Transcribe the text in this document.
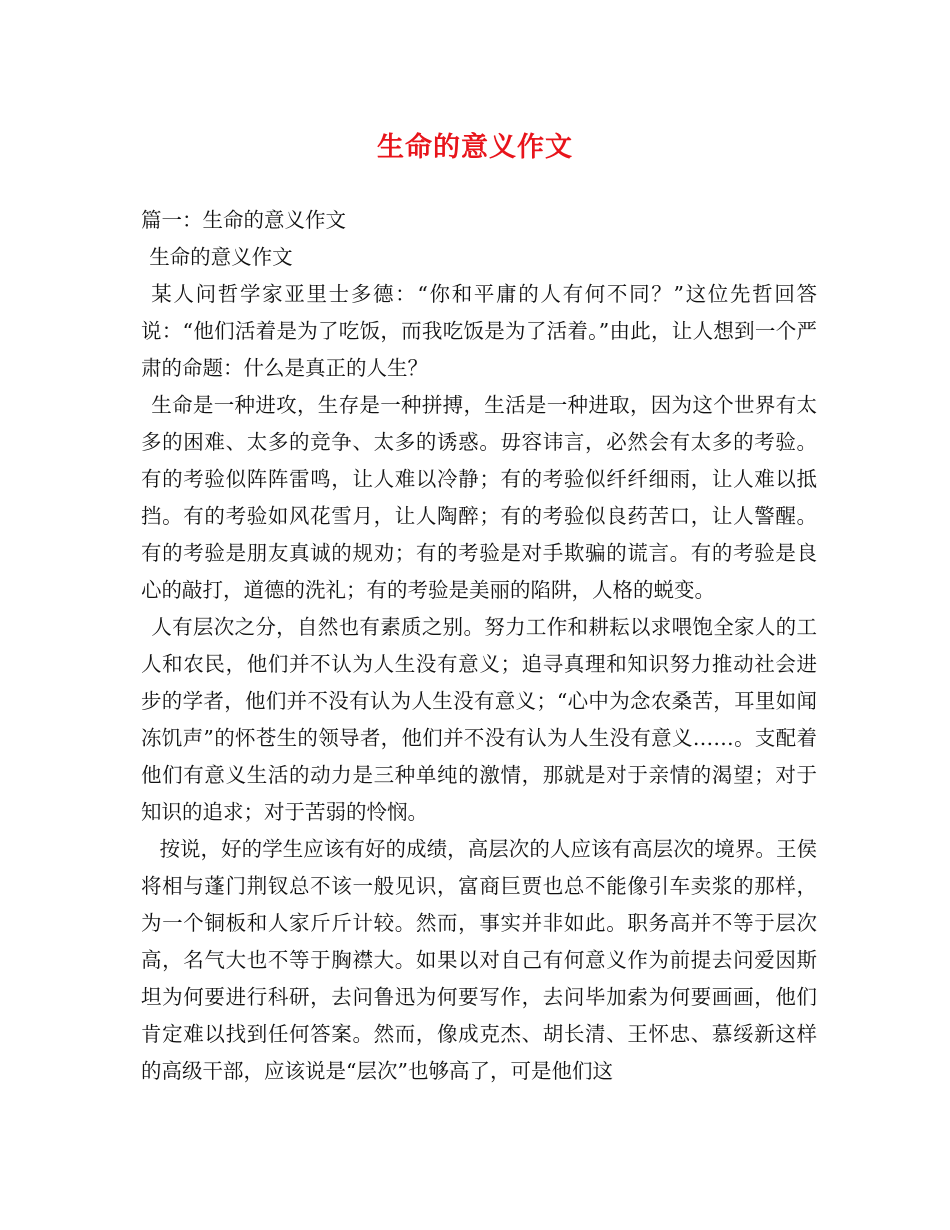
生命的意义作文

篇一：生命的意义作文

生命的意义作文

某人问哲学家亚里士多德：“你和平庸的人有何不同？”这位先哲回答说：“他们活着是为了吃饭，而我吃饭是为了活着。”由此，让人想到一个严肃的命题：什么是真正的人生？

生命是一种进攻，生存是一种拼搏，生活是一种进取，因为这个世界有太多的困难、太多的竞争、太多的诱惑。毋容讳言，必然会有太多的考验。有的考验似阵阵雷鸣，让人难以冷静；有的考验似纤纤细雨，让人难以抵挡。有的考验如风花雪月，让人陶醉；有的考验似良药苦口，让人警醒。有的考验是朋友真诚的规劝；有的考验是对手欺骗的谎言。有的考验是良心的敲打，道德的洗礼；有的考验是美丽的陷阱，人格的蜕变。

人有层次之分，自然也有素质之别。努力工作和耕耘以求喂饱全家人的工人和农民，他们并不认为人生没有意义；追寻真理和知识努力推动社会进步的学者，他们并不没有认为人生没有意义；“心中为念农桑苦，耳里如闻冻饥声”的怀苍生的领导者，他们并不没有认为人生没有意义……。支配着他们有意义生活的动力是三种单纯的激情，那就是对于亲情的渴望；对于知识的追求；对于苦弱的怜悯。

按说，好的学生应该有好的成绩，高层次的人应该有高层次的境界。王侯将相与蓬门荆钗总不该一般见识，富商巨贾也总不能像引车卖浆的那样，为一个铜板和人家斤斤计较。然而，事实并非如此。职务高并不等于层次高，名气大也不等于胸襟大。如果以对自己有何意义作为前提去问爱因斯坦为何要进行科研，去问鲁迅为何要写作，去问毕加索为何要画画，他们肯定难以找到任何答案。然而，像成克杰、胡长清、王怀忠、慕绥新这样的高级干部，应该说是“层次”也够高了，可是他们这
